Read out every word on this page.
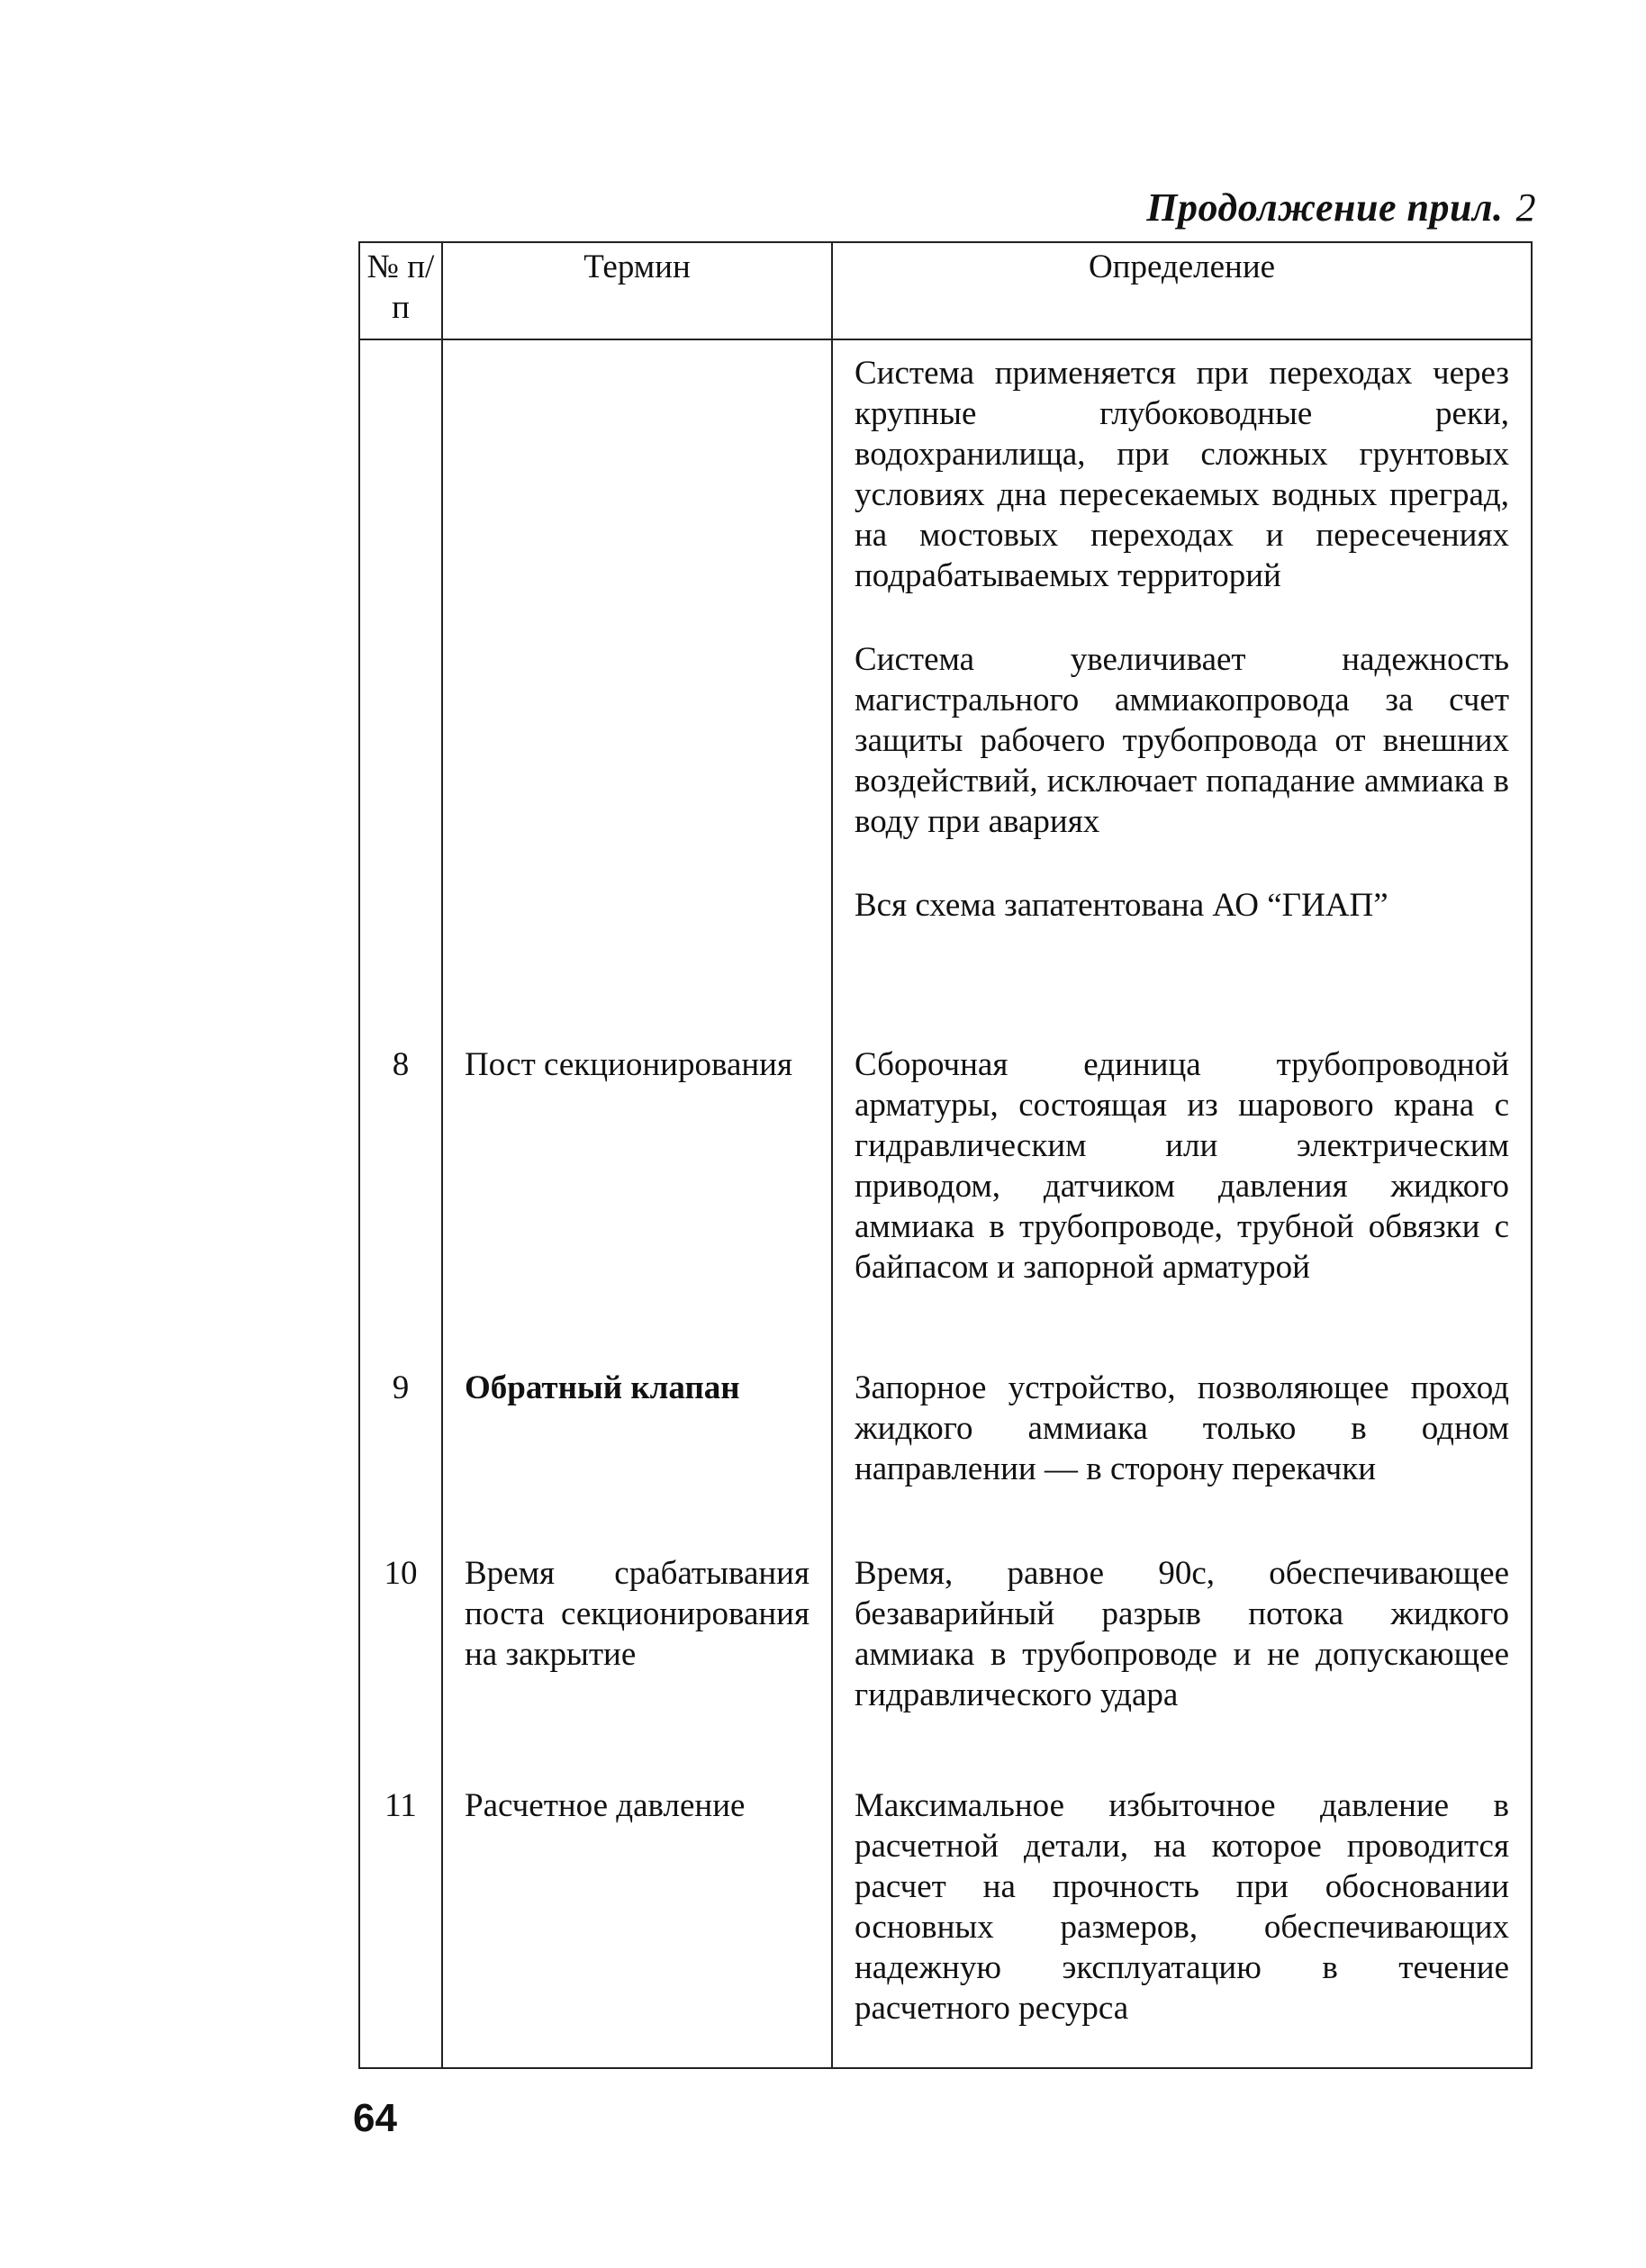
Продолжение прил. 2
№ п/п	Термин	Определение

		Система применяется при переходах через крупные глубоководные реки, водохранилища, при сложных грунтовых условиях дна пересекаемых водных преград, на мостовых переходах и пересечениях подрабатываемых территорий

Система увеличивает надежность магистрального аммиакопровода за счет защиты рабочего трубопровода от внешних воздействий, исключает попадание аммиака в воду при авариях

Вся схема запатентована АО “ГИАП”

8	Пост секционирования	Сборочная единица трубопроводной арматуры, состоящая из шарового крана с гидравлическим или электрическим приводом, датчиком давления жидкого аммиака в трубопроводе, трубной обвязки с байпасом и запорной арматурой
9	Обратный клапан	Запорное устройство, позволяющее проход жидкого аммиака только в одном направлении — в сторону перекачки
10	Время срабатывания поста секционирования на закрытие	Время, равное 90с, обеспечивающее безаварийный разрыв потока жидкого аммиака в трубопроводе и не допускающее гидравлического удара
11	Расчетное давление	Максимальное избыточное давление в расчетной детали, на которое проводится расчет на прочность при обосновании основных размеров, обеспечивающих надежную эксплуатацию в течение расчетного ресурса

64
